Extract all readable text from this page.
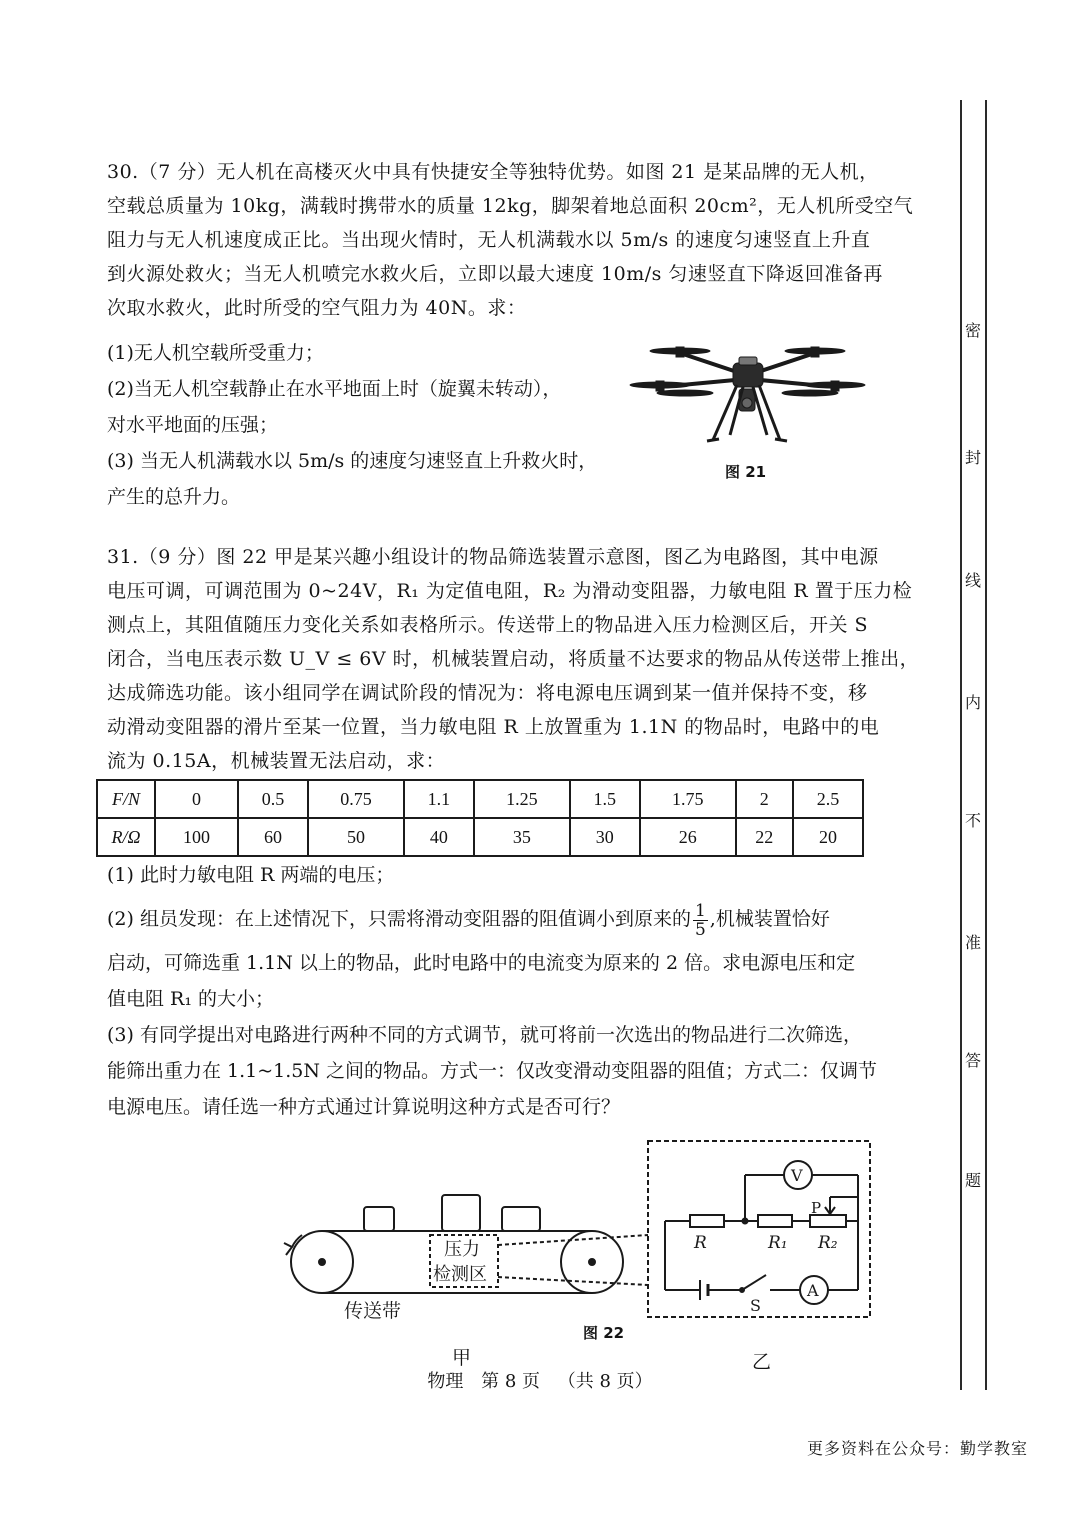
密
封
线
内
不
准
答
题
30.（7 分）无人机在高楼灭火中具有快捷安全等独特优势。如图 21 是某品牌的无人机，
空载总质量为 10kg，满载时携带水的质量 12kg，脚架着地总面积 20cm²，无人机所受空气
阻力与无人机速度成正比。当出现火情时，无人机满载水以 5m/s 的速度匀速竖直上升直
到火源处救火；当无人机喷完水救火后，立即以最大速度 10m/s 匀速竖直下降返回准备再
次取水救火，此时所受的空气阻力为 40N。求：
(1)无人机空载所受重力；
(2)当无人机空载静止在水平地面上时（旋翼未转动），
对水平地面的压强；
(3) 当无人机满载水以 5m/s 的速度匀速竖直上升救火时，
产生的总升力。
图 21
31.（9 分）图 22 甲是某兴趣小组设计的物品筛选装置示意图，图乙为电路图，其中电源
电压可调，可调范围为 0~24V，R₁ 为定值电阻，R₂ 为滑动变阻器，力敏电阻 R 置于压力检
测点上，其阻值随压力变化关系如表格所示。传送带上的物品进入压力检测区后，开关 S
闭合，当电压表示数 U_V ≤ 6V 时，机械装置启动，将质量不达要求的物品从传送带上推出，
达成筛选功能。该小组同学在调试阶段的情况为：将电源电压调到某一值并保持不变，移
动滑动变阻器的滑片至某一位置，当力敏电阻 R 上放置重为 1.1N 的物品时，电路中的电
流为 0.15A，机械装置无法启动，求：
F/N	0	0.5	0.75	1.1	1.25	1.5	1.75	2	2.5
R/Ω	100	60	50	40	35	30	26	22	20
(1) 此时力敏电阻 R 两端的电压；
(2) 组员发现：在上述情况下，只需将滑动变阻器的阻值调小到原来的 $\frac{1}{5}$ ,机械装置恰好
启动，可筛选重 1.1N 以上的物品，此时电路中的电流变为原来的 2 倍。求电源电压和定
值电阻 R₁ 的大小；
(3) 有同学提出对电路进行两种不同的方式调节，就可将前一次选出的物品进行二次筛选，
能筛出重力在 1.1~1.5N 之间的物品。方式一：仅改变滑动变阻器的阻值；方式二：仅调节
电源电压。请任选一种方式通过计算说明这种方式是否可行？
压力
检测区
传送带
V
A
R	R₁ R₂
P
S
图 22
甲	乙
物理 第 8 页 （共 8 页）
更多资料在公众号：勤学教室
